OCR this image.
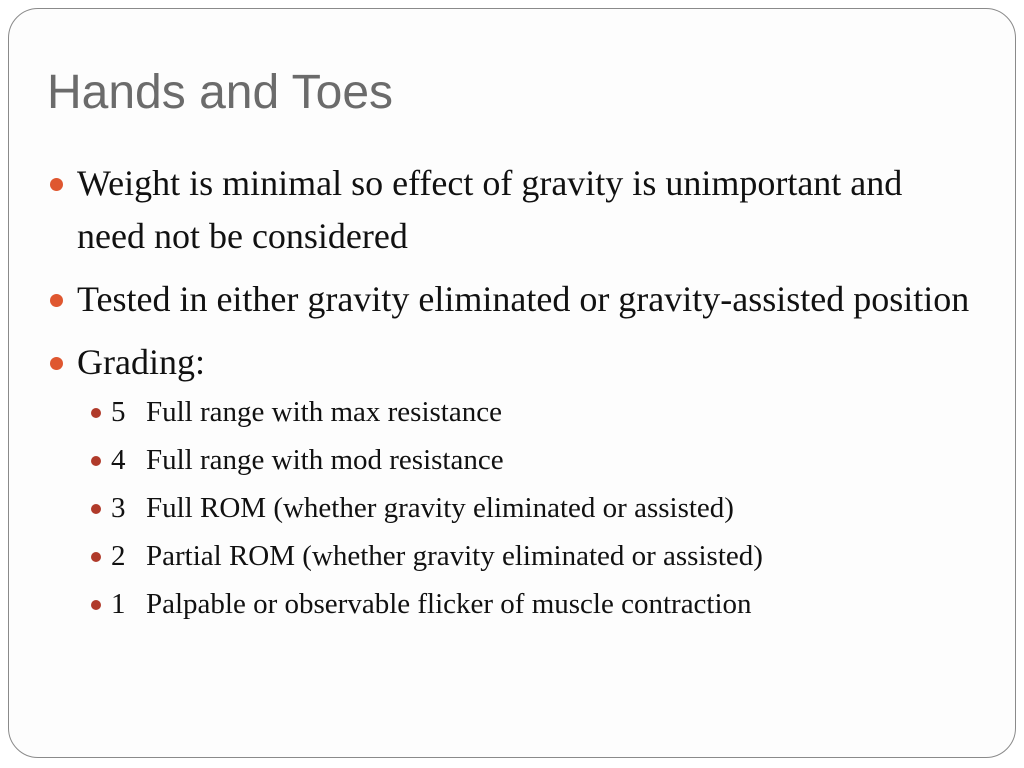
Hands and Toes
Weight is minimal so effect of gravity is unimportant and need not be considered
Tested in either gravity eliminated or gravity-assisted position
Grading:
5 Full range with max resistance
4 Full range with mod resistance
3 Full ROM (whether gravity eliminated or assisted)
2 Partial ROM (whether gravity eliminated or assisted)
1 Palpable or observable flicker of muscle contraction
